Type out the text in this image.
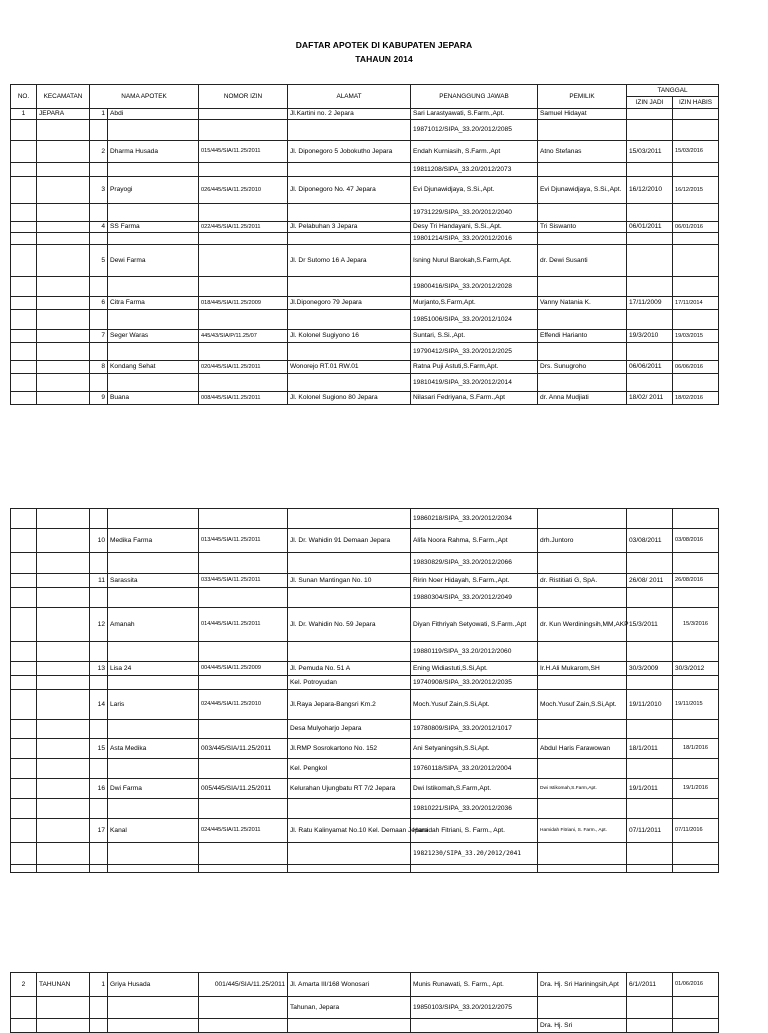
DAFTAR APOTEK DI KABUPATEN JEPARA
TAHAUN 2014
NO.	KECAMATAN	NAMA APOTEK		NOMOR IZIN	ALAMAT	PENANGGUNG JAWAB	PEMILIK	TANGGAL	
								IZIN JADI	IZIN HABIS
1	JEPARA	1	Abdi		Jl.Kartini no. 2 Jepara	Sari Larastyawati, S.Farm.,Apt.	Samuel Hidayat		
						19871012/SIPA_33.20/2012/2085			
		2	Dharma Husada	015/445/SIA/11.25/2011	Jl. Diponegoro 5 Jobokutho Jepara	Endah Kurniasih, S.Farm.,Apt	Atno Stefanas	15/03/2011	15/03/2016
						19811208/SIPA_33.20/2012/2073			
		3	Prayogi	026/445/SIA/11.25/2010	Jl. Diponegoro No. 47 Jepara	Evi Djunawidjaya, S.Si.,Apt.	Evi Djunawidjaya, S.Si.,Apt.	16/12/2010	16/12/2015
						19731229/SIPA_33.20/2012/2040			
		4	SS Farma	022/445/SIA/11.25/2011	Jl. Pelabuhan 3 Jepara	Desy Tri Handayani, S.Si.,Apt.	Tri Siswanto	06/01/2011	06/01/2016
						19801214/SIPA_33.20/2012/2016			
		5	Dewi Farma		Jl. Dr Sutomo 16 A Jepara	Isning Nurul Barokah,S.Farm,Apt.	dr. Dewi Susanti		
						19800416/SIPA_33.20/2012/2028			
		6	Citra Farma	018/445/SIA/11.25/2009	Jl.Diponegoro 79 Jepara	Murjanto,S.Farm,Apt.	Vanny Natania K.	17/11/2009	17/11/2014
						19851006/SIPA_33.20/2012/1024			
		7	Seger Waras	445/43/SIA/P/11.25/07	Jl. Kolonel Sugiyono 16	Suntari, S.Si.,Apt.	Effendi Harianto	19/3/2010	19/03/2015
						19790412/SIPA_33.20/2012/2025			
		8	Kondang Sehat	020/445/SIA/11.25/2011	Wonorejo RT.01 RW.01	Ratna Puji Astuti,S.Farm,Apt.	Drs. Sunugroho	06/06/2011	06/06/2016
						19810419/SIPA_33.20/2012/2014			
		9	Buana	008/445/SIA/11.25/2011	Jl. Kolonel Sugiono 80 Jepara	Nilasari Fedriyana, S.Farm.,Apt	dr. Anna Mudjiati	18/02/ 2011	18/02/2016
						19860218/SIPA_33.20/2012/2034			
		10	Medika Farma	013/445/SIA/11.25/2011	Jl. Dr. Wahidin 91 Demaan Jepara	Alifa Noora Rahma, S.Farm.,Apt	drh.Juntoro	03/08/2011	03/08/2016
						19830829/SIPA_33.20/2012/2066			
		11	Sarassita	033/445/SIA/11.25/2011	Jl. Sunan Mantingan No. 10	Ririn Noer Hidayah, S.Farm.,Apt.	dr. Ristitiati G, SpA.	26/08/ 2011	26/08/2016
						19880304/SIPA_33.20/2012/2049			
		12	Amanah	014/445/SIA/11.25/2011	Jl. Dr. Wahidin No. 59 Jepara	Diyan Fithriyah Setyowati, S.Farm.,Apt	dr. Kun Werdiningsih,MM,AKP	15/3/2011	15/3/2016
						19880119/SIPA_33.20/2012/2060			
		13	Lisa 24	004/445/SIA/11.25/2009	Jl. Pemuda No. 51 A	Ening Widiastuti,S.Si,Apt.	Ir.H.Ali Mukarom,SH	30/3/2009	30/3/2012
					Kel. Potroyudan	19740908/SIPA_33.20/2012/2035			
		14	Laris	024/445/SIA/11.25/2010	Jl.Raya Jepara-Bangsri Km.2	Moch.Yusuf Zain,S.Si,Apt.	Moch.Yusuf Zain,S.Si,Apt.	19/11/2010	19/11/2015
					Desa Mulyoharjo Jepara	19780809/SIPA_33.20/2012/1017			
		15	Asta Medika	003/445/SIA/11.25/2011	Jl.RMP Sosrokartono No. 152	Ani Setyaningsih,S.Si,Apt.	Abdul Haris Farawowan	18/1/2011	18/1/2016
					Kel. Pengkol	19760118/SIPA_33.20/2012/2004			
		16	Dwi Farma	005/445/SIA/11.25/2011	Kelurahan Ujungbatu RT 7/2 Jepara	Dwi Istikomah,S.Farm,Apt.	Dwi Istikomah,S.Farm,Apt.	19/1/2011	19/1/2016
						19810221/SIPA_33.20/2012/2036			
		17	Kanal	024/445/SIA/11.25/2011	Jl. Ratu Kalinyamat No.10 Kel. Demaan Jepara	Hamidah Fitriani, S. Farm., Apt.	Hamidah Fitriani, S. Farm., Apt.	07/11/2011	07/11/2016
						19821230/SIPA_33.20/2012/2041			

2	TAHUNAN	1	Griya Husada	001/445/SIA/11.25/2011	Jl. Amarta III/168 Wonosari	Munis Runawati, S. Farm., Apt.	Dra. Hj. Sri Hariningsih,Apt	6/1//2011	01/06/2016
					Tahunan, Jepara	19850103/SIPA_33.20/2012/2075			
							Dra. Hj. Sri		
